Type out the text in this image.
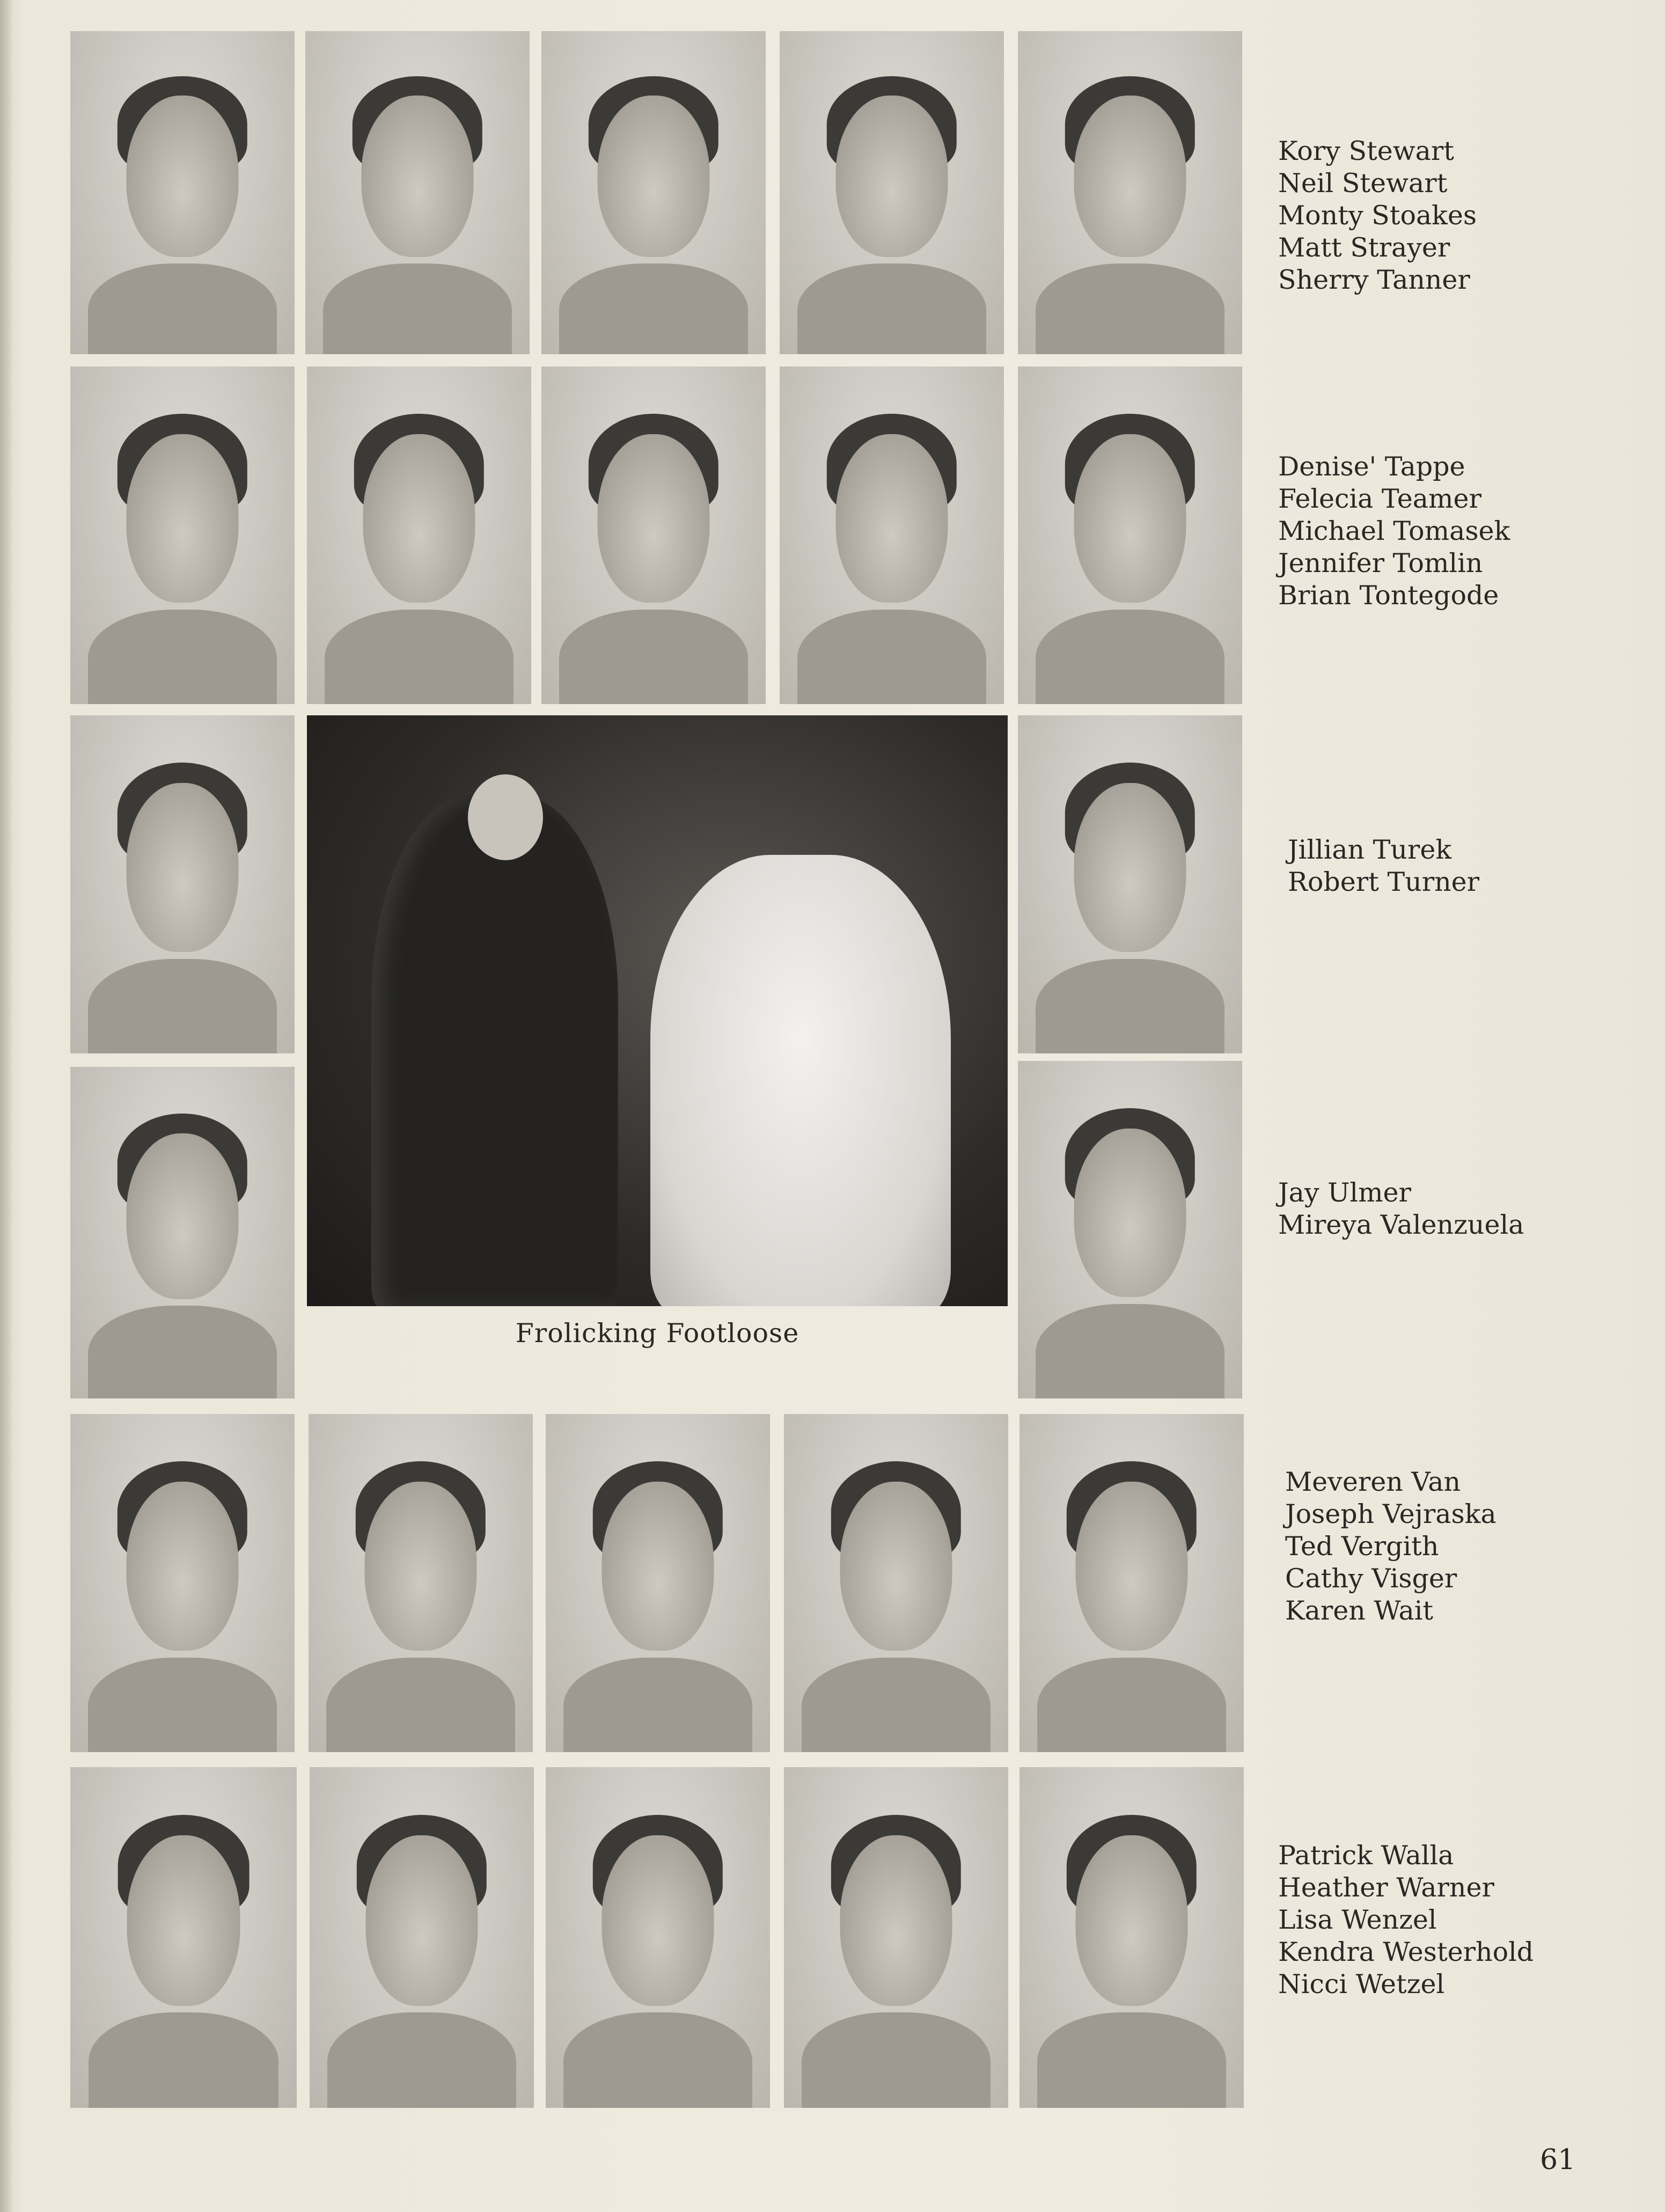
Kory Stewart
Neil Stewart
Monty Stoakes
Matt Strayer
Sherry Tanner
Denise' Tappe
Felecia Teamer
Michael Tomasek
Jennifer Tomlin
Brian Tontegode
Frolicking Footloose
Jillian Turek
Robert Turner
Jay Ulmer
Mireya Valenzuela
Meveren Van
Joseph Vejraska
Ted Vergith
Cathy Visger
Karen Wait
Patrick Walla
Heather Warner
Lisa Wenzel
Kendra Westerhold
Nicci Wetzel
61
